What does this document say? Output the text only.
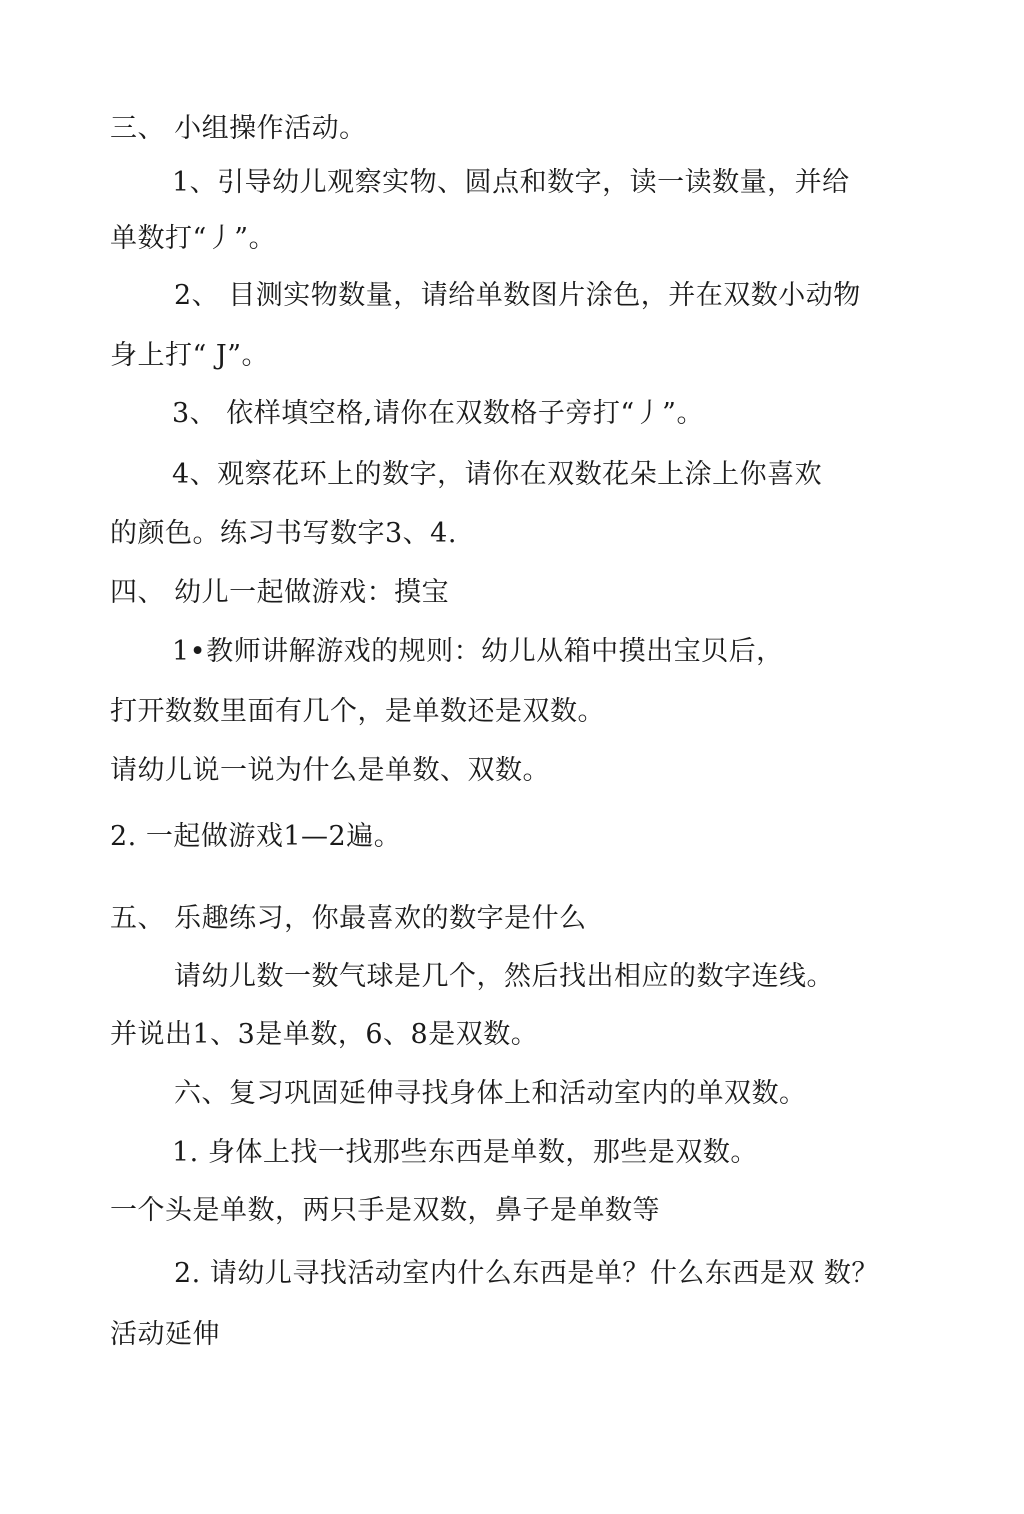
三、 小组操作活动。

1、引导幼儿观察实物、圆点和数字，读一读数量，并给

单数打“丿”。

2、 目测实物数量，请给单数图片涂色，并在双数小动物

身上打“ J”。

3、 依样填空格,请你在双数格子旁打“丿”。

4、观察花环上的数字，请你在双数花朵上涂上你喜欢

的颜色。练习书写数字3、4.

四、 幼儿一起做游戏：摸宝

1•教师讲解游戏的规则：幼儿从箱中摸出宝贝后，

打开数数里面有几个，是单数还是双数。

请幼儿说一说为什么是单数、双数。

2. 一起做游戏1—2遍。

五、 乐趣练习，你最喜欢的数字是什么

请幼儿数一数气球是几个，然后找出相应的数字连线。

并说出1、3是单数，6、8是双数。

六、复习巩固延伸寻找身体上和活动室内的单双数。

1. 身体上找一找那些东西是单数，那些是双数。

一个头是单数，两只手是双数，鼻子是单数等

2. 请幼儿寻找活动室内什么东西是单？什么东西是双 数？

活动延伸
